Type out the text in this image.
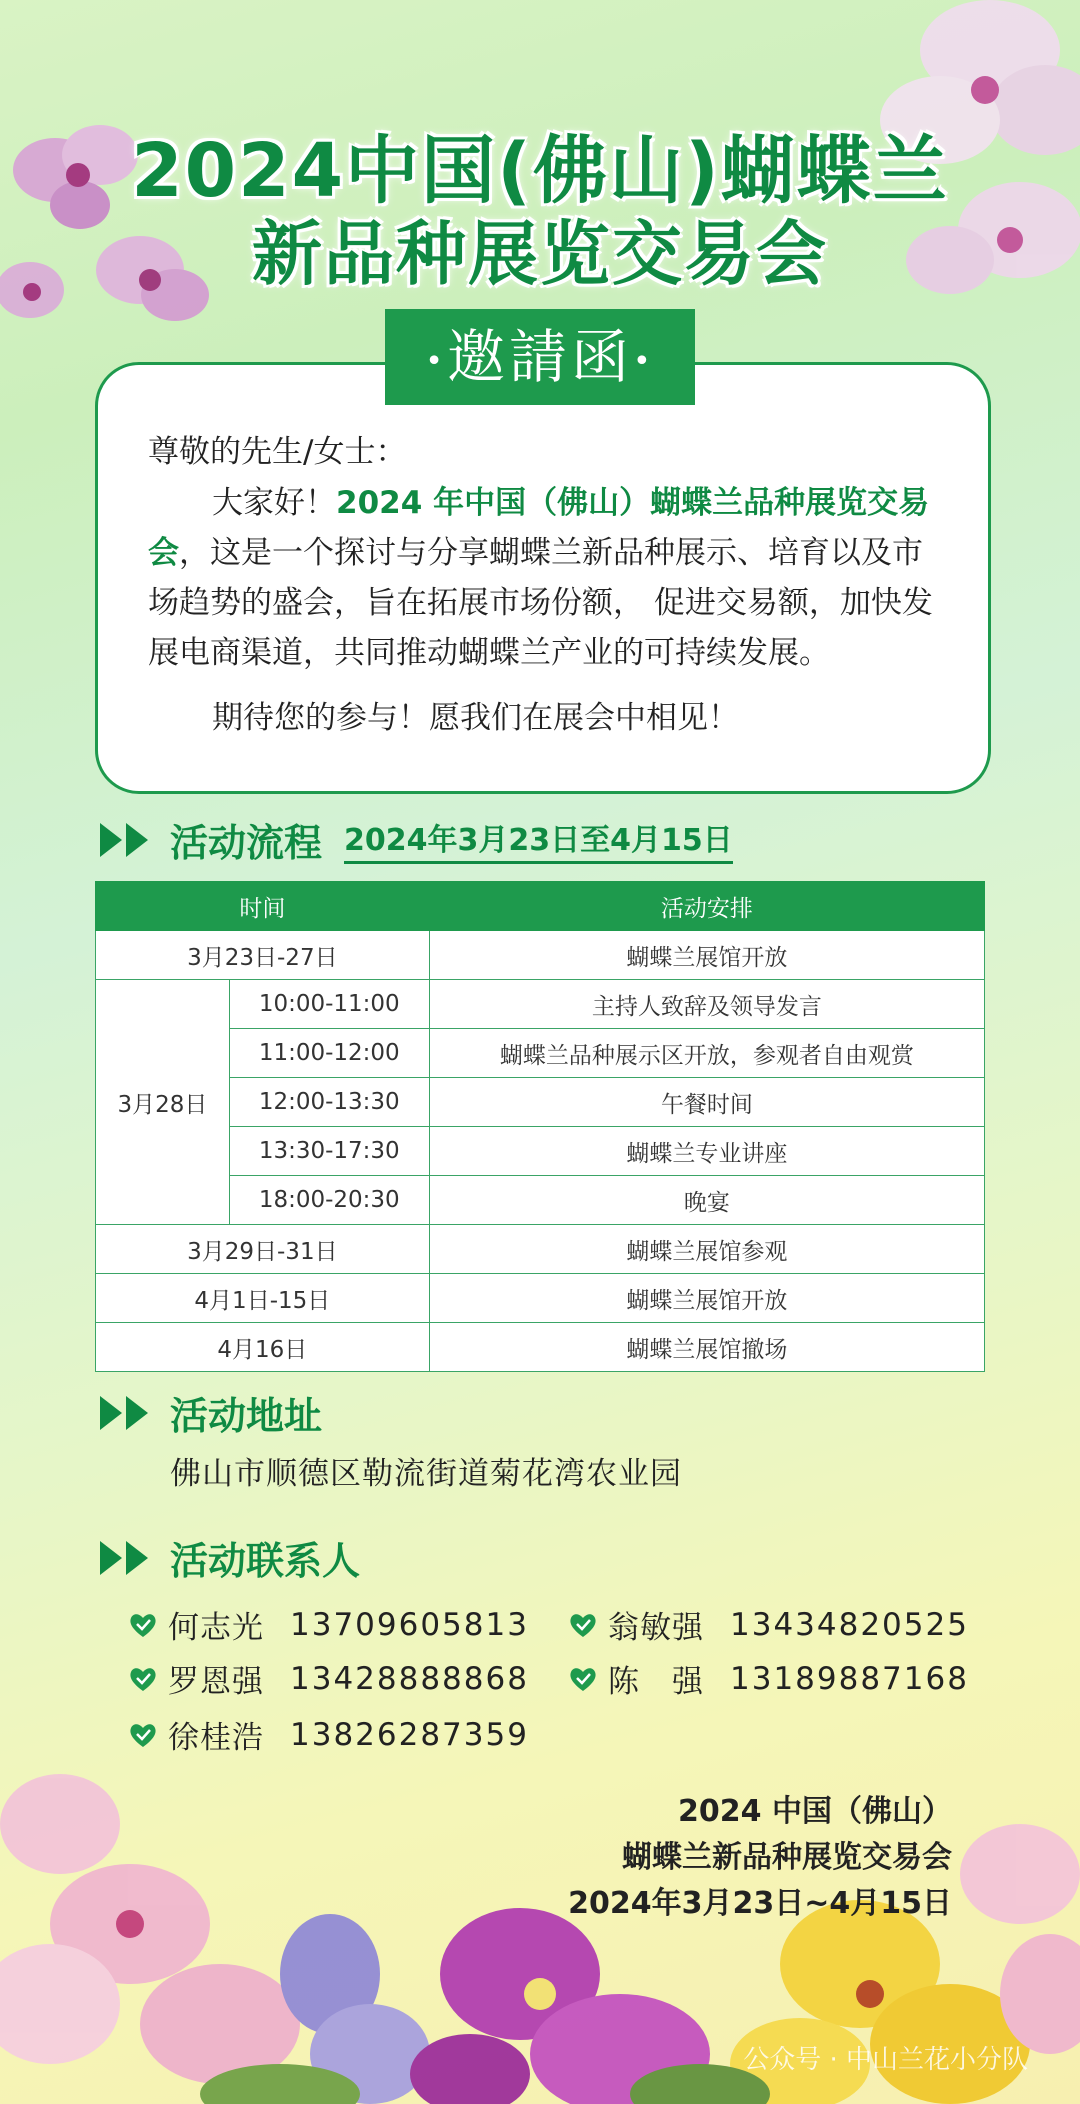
2024中国(佛山)蝴蝶兰
新品种展览交易会
•邀請函•
尊敬的先生/女士：
大家好！2024 年中国（佛山）蝴蝶兰品种展览交易
会，这是一个探讨与分享蝴蝶兰新品种展示、培育以及市场趋势的盛会，旨在拓展市场份额， 促进交易额，加快发展电商渠道，共同推动蝴蝶兰产业的可持续发展。
期待您的参与！愿我们在展会中相见！
活动流程 2024年3月23日至4月15日
时间		活动安排
3月23日-27日		蝴蝶兰展馆开放
3月28日	10:00-11:00	主持人致辞及领导发言
	11:00-12:00	蝴蝶兰品种展示区开放，参观者自由观赏
	12:00-13:30	午餐时间
	13:30-17:30	蝴蝶兰专业讲座
	18:00-20:30	晚宴
3月29日-31日		蝴蝶兰展馆参观
4月1日-15日		蝴蝶兰展馆开放
4月16日		蝴蝶兰展馆撤场
活动地址
佛山市顺德区勒流街道菊花湾农业园
活动联系人
何志光 13709605813	翁敏强 13434820525
罗恩强 13428888868	陈　强 13189887168
徐桂浩 13826287359
2024 中国（佛山）
蝴蝶兰新品种展览交易会
2024年3月23日~4月15日
公众号 · 中山兰花小分队
